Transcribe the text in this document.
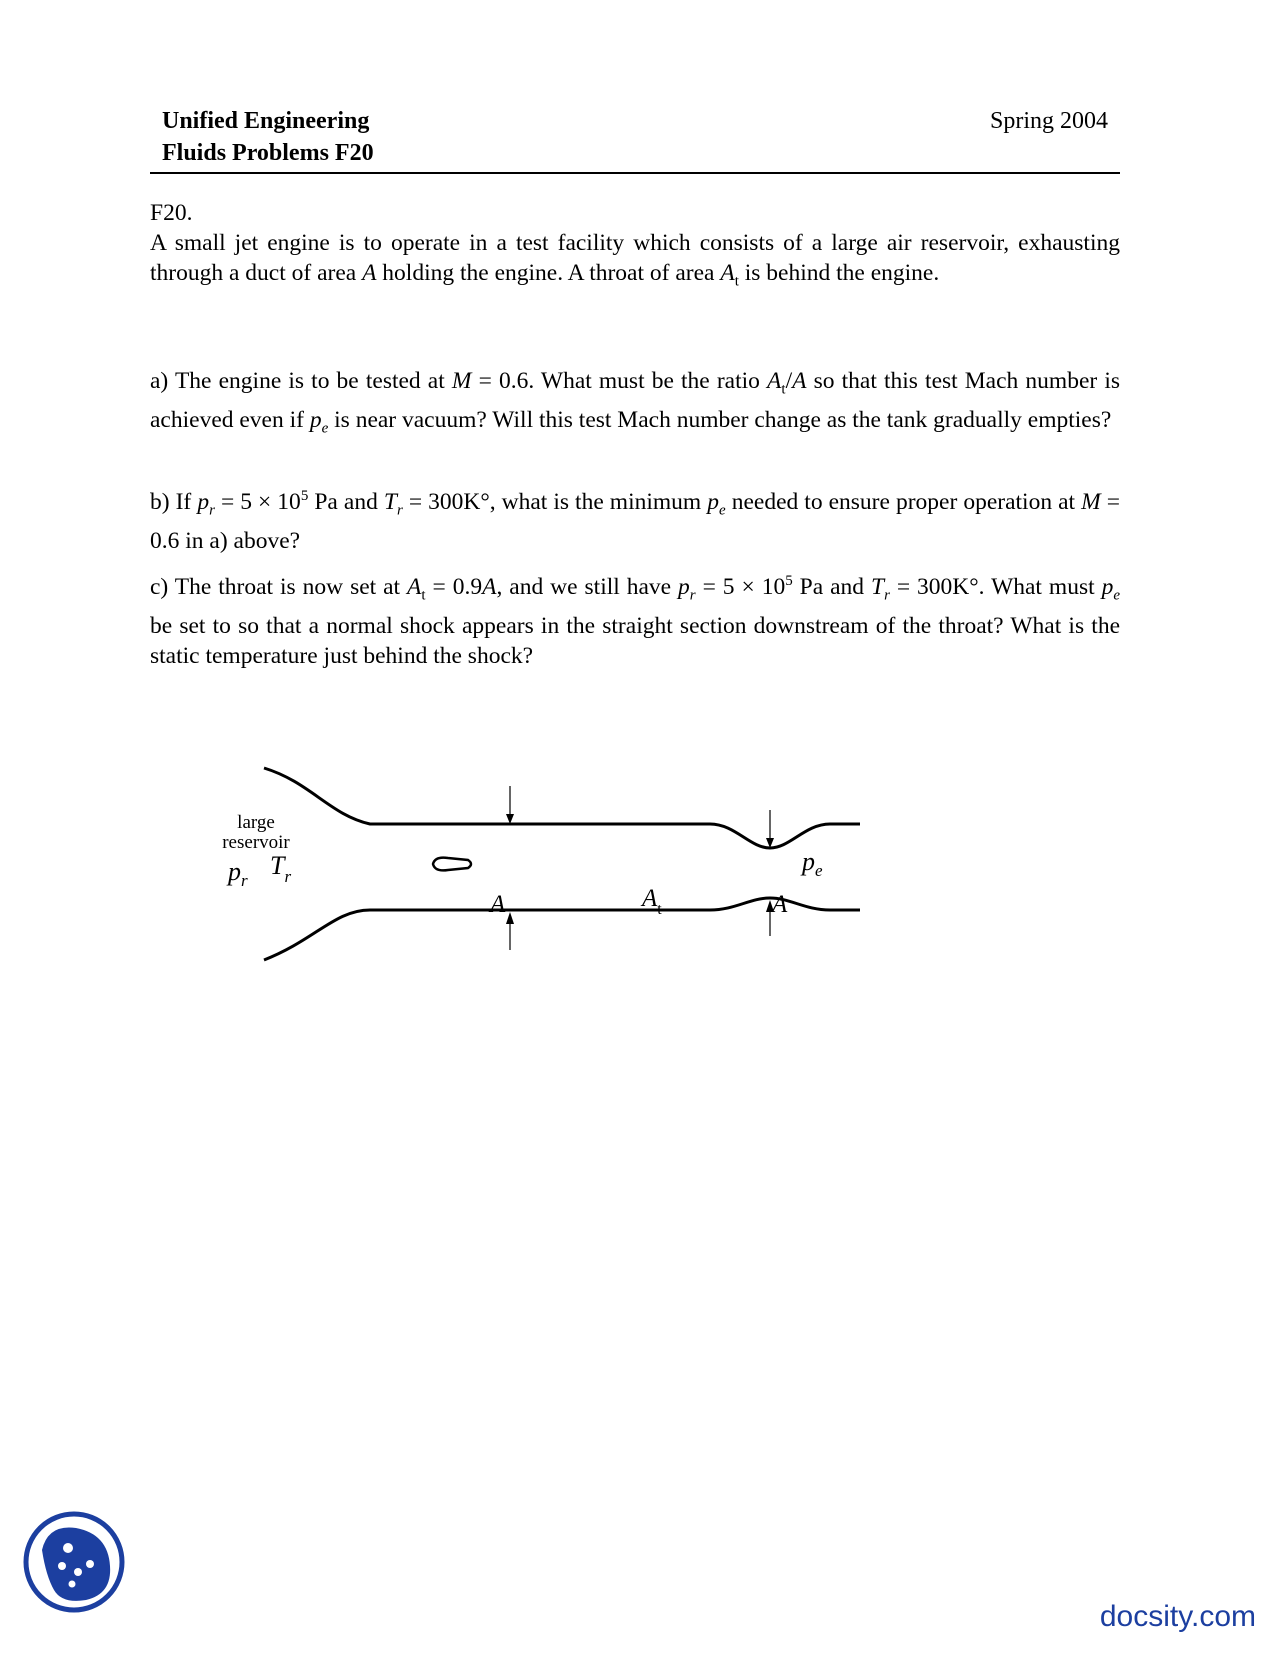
Unified Engineering
Fluids Problems F20
Spring 2004
F20.
A small jet engine is to operate in a test facility which consists of a large air reservoir, exhausting through a duct of area A holding the engine. A throat of area $A_t$ is behind the engine.
a) The engine is to be tested at M = 0.6. What must be the ratio $A_t/A$ so that this test Mach number is achieved even if $p_e$ is near vacuum? Will this test Mach number change as the tank gradually empties?
b) If $p_r = 5 \times 10^5$ Pa and $T_r = 300K^\circ$, what is the minimum $p_e$ needed to ensure proper operation at M = 0.6 in a) above?
c) The throat is now set at $A_t = 0.9A$, and we still have $p_r = 5 \times 10^5$ Pa and $T_r = 300K^\circ$. What must $p_e$ be set to so that a normal shock appears in the straight section downstream of the throat? What is the static temperature just behind the shock?
large
reservoir
$p_r$
$T_r$
$p_e$
A	$A_t$	A
docsity.com
